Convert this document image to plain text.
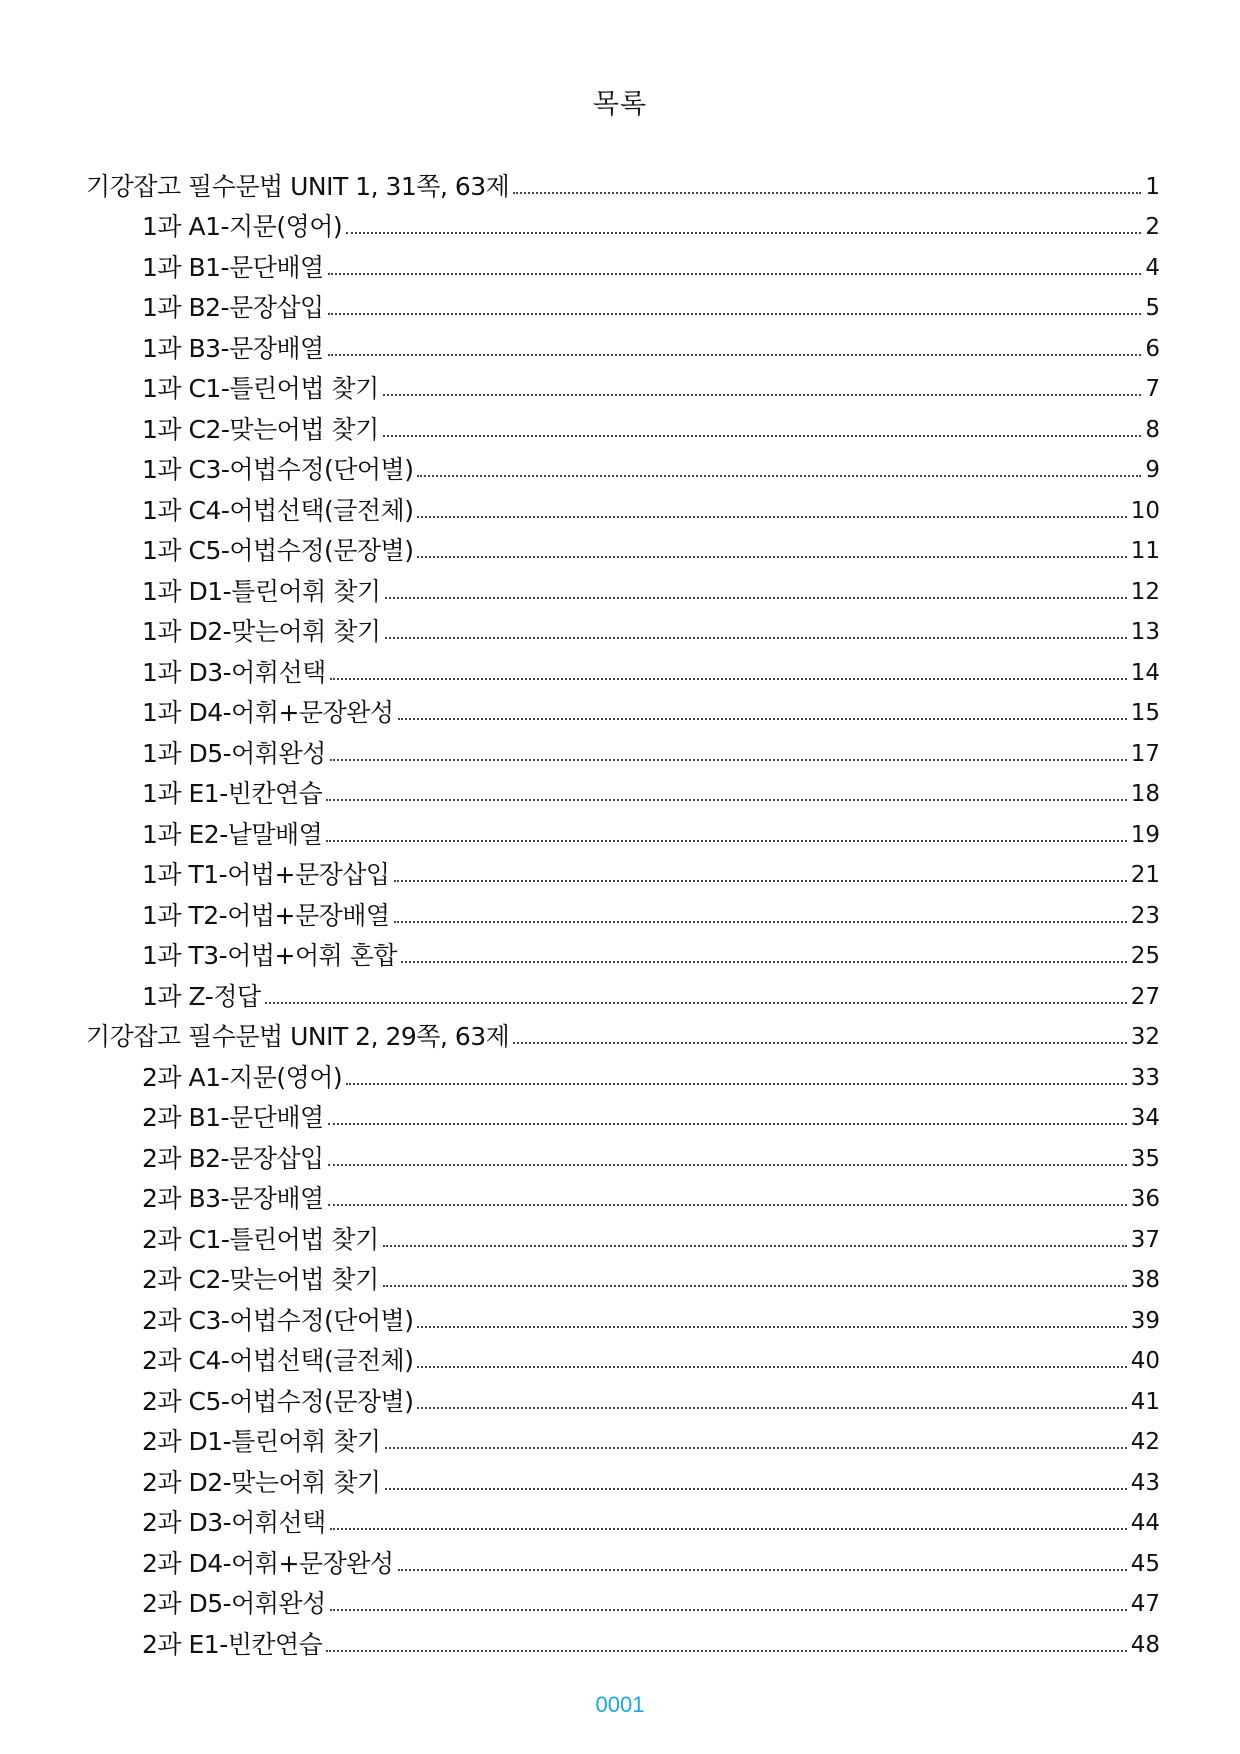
목록
기강잡고 필수문법 UNIT 1, 31쪽, 63제	1
1과 A1-지문(영어)	2
1과 B1-문단배열	4
1과 B2-문장삽입	5
1과 B3-문장배열	6
1과 C1-틀린어법 찾기	7
1과 C2-맞는어법 찾기	8
1과 C3-어법수정(단어별)	9
1과 C4-어법선택(글전체)	10
1과 C5-어법수정(문장별)	11
1과 D1-틀린어휘 찾기	12
1과 D2-맞는어휘 찾기	13
1과 D3-어휘선택	14
1과 D4-어휘+문장완성	15
1과 D5-어휘완성	17
1과 E1-빈칸연습	18
1과 E2-낱말배열	19
1과 T1-어법+문장삽입	21
1과 T2-어법+문장배열	23
1과 T3-어법+어휘 혼합	25
1과 Z-정답	27
기강잡고 필수문법 UNIT 2, 29쪽, 63제	32
2과 A1-지문(영어)	33
2과 B1-문단배열	34
2과 B2-문장삽입	35
2과 B3-문장배열	36
2과 C1-틀린어법 찾기	37
2과 C2-맞는어법 찾기	38
2과 C3-어법수정(단어별)	39
2과 C4-어법선택(글전체)	40
2과 C5-어법수정(문장별)	41
2과 D1-틀린어휘 찾기	42
2과 D2-맞는어휘 찾기	43
2과 D3-어휘선택	44
2과 D4-어휘+문장완성	45
2과 D5-어휘완성	47
2과 E1-빈칸연습	48
0001
